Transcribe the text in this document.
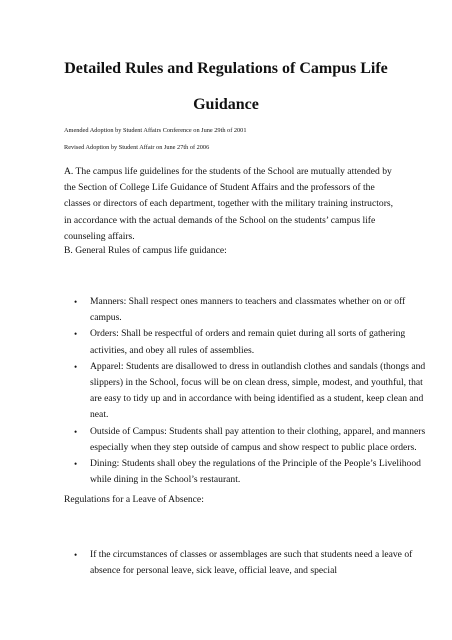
Detailed Rules and Regulations of Campus Life
Guidance
Amended Adoption by Student Affairs Conference on June 29th of 2001
Revised Adoption by Student Affair on June 27th of 2006
A. The campus life guidelines for the students of the School are mutually attended by the Section of College Life Guidance of Student Affairs and the professors of the classes or directors of each department, together with the military training instructors, in accordance with the actual demands of the School on the students’ campus life counseling affairs.
B. General Rules of campus life guidance:
• Manners: Shall respect ones manners to teachers and classmates whether on or off campus.
• Orders: Shall be respectful of orders and remain quiet during all sorts of gathering activities, and obey all rules of assemblies.
• Apparel: Students are disallowed to dress in outlandish clothes and sandals (thongs and slippers) in the School, focus will be on clean dress, simple, modest, and youthful, that are easy to tidy up and in accordance with being identified as a student, keep clean and neat.
• Outside of Campus: Students shall pay attention to their clothing, apparel, and manners especially when they step outside of campus and show respect to public place orders.
• Dining: Students shall obey the regulations of the Principle of the People’s Livelihood while dining in the School’s restaurant.
Regulations for a Leave of Absence:
• If the circumstances of classes or assemblages are such that students need a leave of absence for personal leave, sick leave, official leave, and special
